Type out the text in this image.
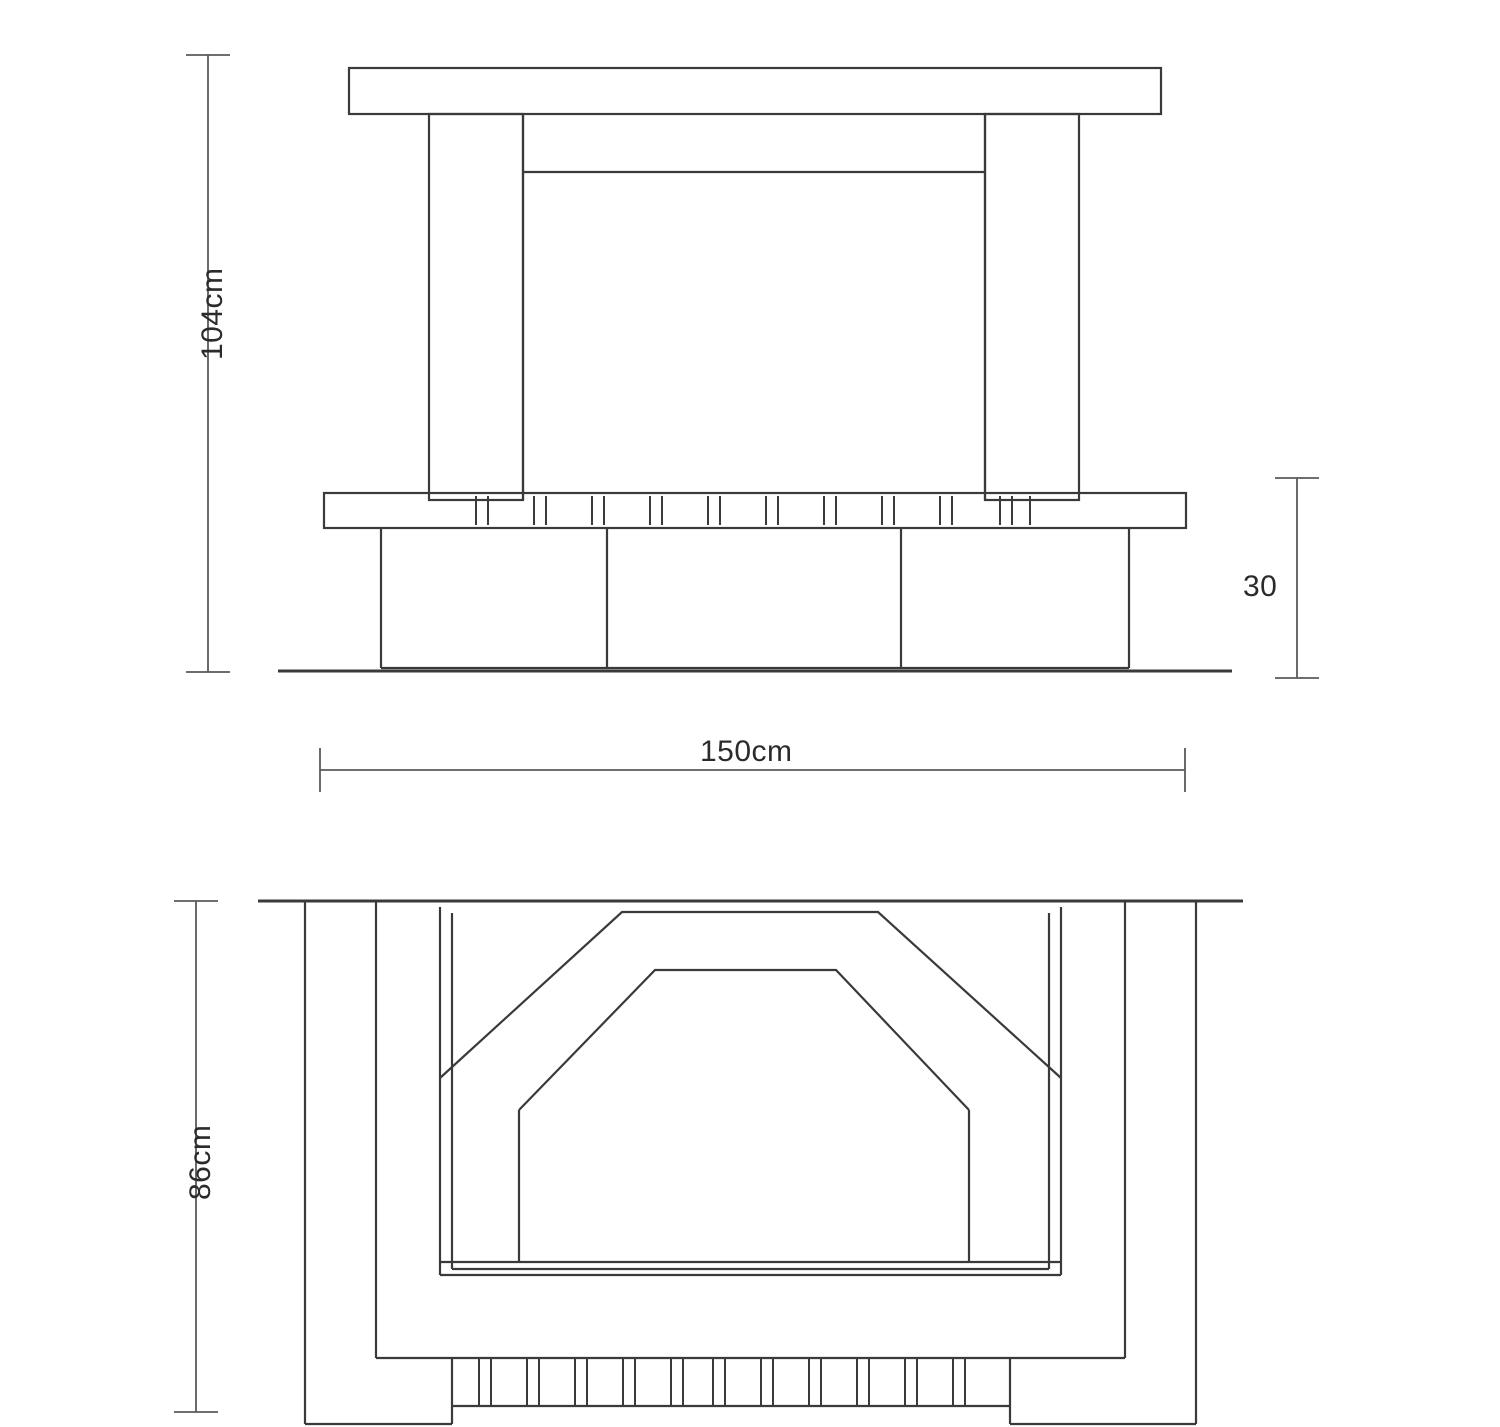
104cm
30
150cm
86cm
